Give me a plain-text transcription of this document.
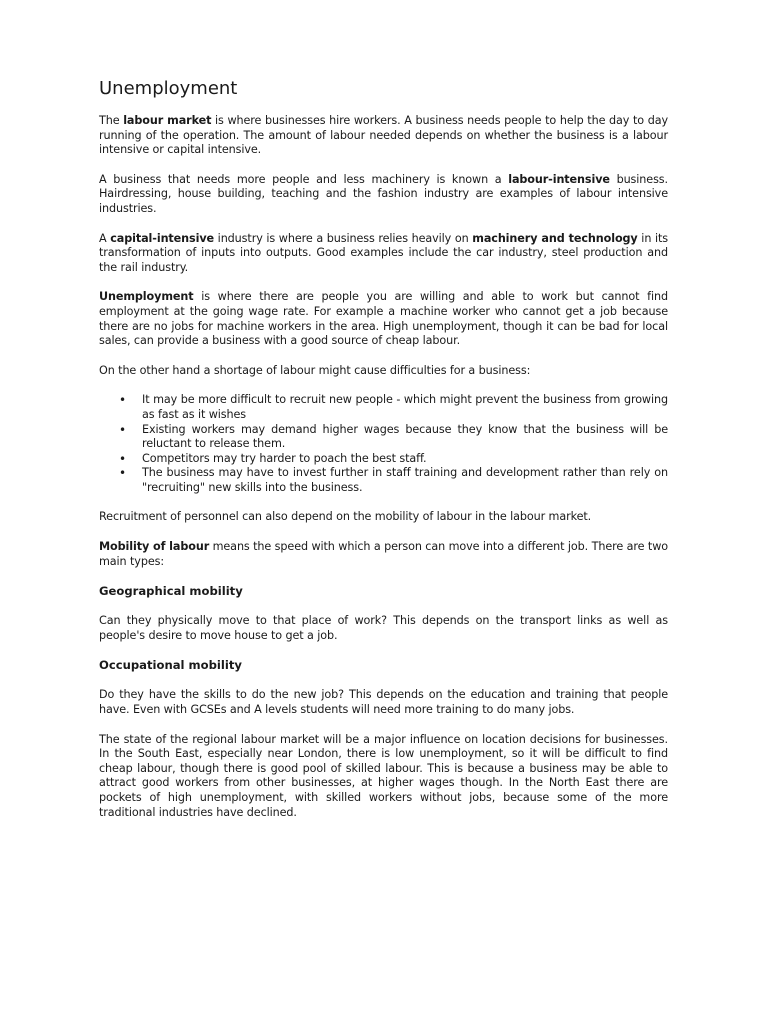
Unemployment

The labour market is where businesses hire workers. A business needs people to help the day to day running of the operation. The amount of labour needed depends on whether the business is a labour intensive or capital intensive.

A business that needs more people and less machinery is known a labour-intensive business. Hairdressing, house building, teaching and the fashion industry are examples of labour intensive industries.

A capital-intensive industry is where a business relies heavily on machinery and technology in its transformation of inputs into outputs. Good examples include the car industry, steel production and the rail industry.

Unemployment is where there are people you are willing and able to work but cannot find employment at the going wage rate. For example a machine worker who cannot get a job because there are no jobs for machine workers in the area. High unemployment, though it can be bad for local sales, can provide a business with a good source of cheap labour.

On the other hand a shortage of labour might cause difficulties for a business:

• It may be more difficult to recruit new people - which might prevent the business from growing as fast as it wishes
• Existing workers may demand higher wages because they know that the business will be reluctant to release them.
• Competitors may try harder to poach the best staff.
• The business may have to invest further in staff training and development rather than rely on "recruiting" new skills into the business.

Recruitment of personnel can also depend on the mobility of labour in the labour market.

Mobility of labour means the speed with which a person can move into a different job. There are two main types:

Geographical mobility

Can they physically move to that place of work? This depends on the transport links as well as people's desire to move house to get a job.

Occupational mobility

Do they have the skills to do the new job? This depends on the education and training that people have. Even with GCSEs and A levels students will need more training to do many jobs.

The state of the regional labour market will be a major influence on location decisions for businesses. In the South East, especially near London, there is low unemployment, so it will be difficult to find cheap labour, though there is good pool of skilled labour. This is because a business may be able to attract good workers from other businesses, at higher wages though. In the North East there are pockets of high unemployment, with skilled workers without jobs, because some of the more traditional industries have declined.
